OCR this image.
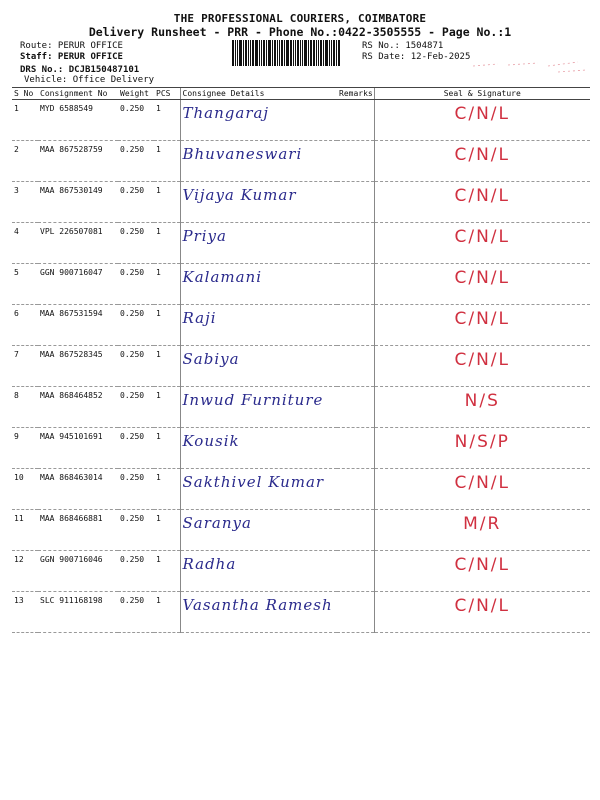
THE PROFESSIONAL COURIERS, COIMBATORE
Delivery Runsheet - PRR - Phone No.:0422-3505555 - Page No.:1
Route: PERUR OFFICE
Staff: PERUR OFFICE
DRS No.: DCJB150487101
Vehicle: Office Delivery
RS No.: 1504871
RS Date: 12-Feb-2025
S No	Consignment No	Weight	PCS	Consignee Details	Remarks	Seal & Signature
1	MYD 6588549	0.250	1	Thangaraj		C/N/L
2	MAA 867528759	0.250	1	Bhuvaneswari		C/N/L
3	MAA 867530149	0.250	1	Vijaya Kumar		C/N/L
4	VPL 226507081	0.250	1	Priya		C/N/L
5	GGN 900716047	0.250	1	Kalamani		C/N/L
6	MAA 867531594	0.250	1	Raji		C/N/L
7	MAA 867528345	0.250	1	Sabiya		C/N/L
8	MAA 868464852	0.250	1	Inwud Furniture		N/S
9	MAA 945101691	0.250	1	Kousik		N/S/P
10	MAA 868463014	0.250	1	Sakthivel Kumar		C/N/L
11	MAA 868466881	0.250	1	Saranya		M/R
12	GGN 900716046	0.250	1	Radha		C/N/L
13	SLC 911168198	0.250	1	Vasantha Ramesh		C/N/L
